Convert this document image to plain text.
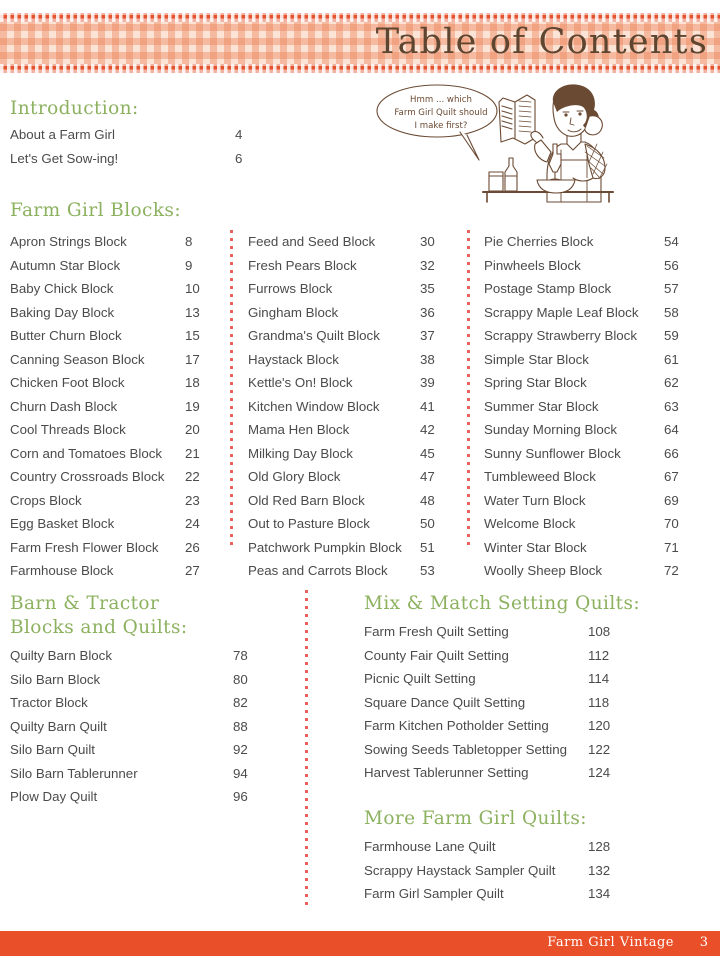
Table of Contents
Hmm ... which
Farm Girl Quilt should
I make first?
Introduction:
About a Farm Girl	4
Let's Get Sow-ing!	6
Farm Girl Blocks:
Apron Strings Block	8
Autumn Star Block	9
Baby Chick Block	10
Baking Day Block	13
Butter Churn Block	15
Canning Season Block	17
Chicken Foot Block	18
Churn Dash Block	19
Cool Threads Block	20
Corn and Tomatoes Block 21
Country Crossroads Block 22
Crops Block	23
Egg Basket Block	24
Farm Fresh Flower Block 26
Farmhouse Block	27
Feed and Seed Block	30
Fresh Pears Block	32
Furrows Block	35
Gingham Block	36
Grandma's Quilt Block	37
Haystack Block	38
Kettle's On! Block	39
Kitchen Window Block	41
Mama Hen Block	42
Milking Day Block	45
Old Glory Block	47
Old Red Barn Block	48
Out to Pasture Block	50
Patchwork Pumpkin Block 51
Peas and Carrots Block 53
Pie Cherries Block	54
Pinwheels Block	56
Postage Stamp Block	57
Scrappy Maple Leaf Block 58
Scrappy Strawberry Block 59
Simple Star Block	61
Spring Star Block	62
Summer Star Block	63
Sunday Morning Block	64
Sunny Sunflower Block	66
Tumbleweed Block	67
Water Turn Block	69
Welcome Block	70
Winter Star Block	71
Woolly Sheep Block	72
Barn & Tractor
Blocks and Quilts:
Quilty Barn Block	78
Silo Barn Block	80
Tractor Block	82
Quilty Barn Quilt	88
Silo Barn Quilt	92
Silo Barn Tablerunner	94
Plow Day Quilt	96
Mix & Match Setting Quilts:
Farm Fresh Quilt Setting	108
County Fair Quilt Setting	112
Picnic Quilt Setting	114
Square Dance Quilt Setting	118
Farm Kitchen Potholder Setting	120
Sowing Seeds Tabletopper Setting 122
Harvest Tablerunner Setting	124
More Farm Girl Quilts:
Farmhouse Lane Quilt	128
Scrappy Haystack Sampler Quilt 132
Farm Girl Sampler Quilt	134
Farm Girl Vintage 3
